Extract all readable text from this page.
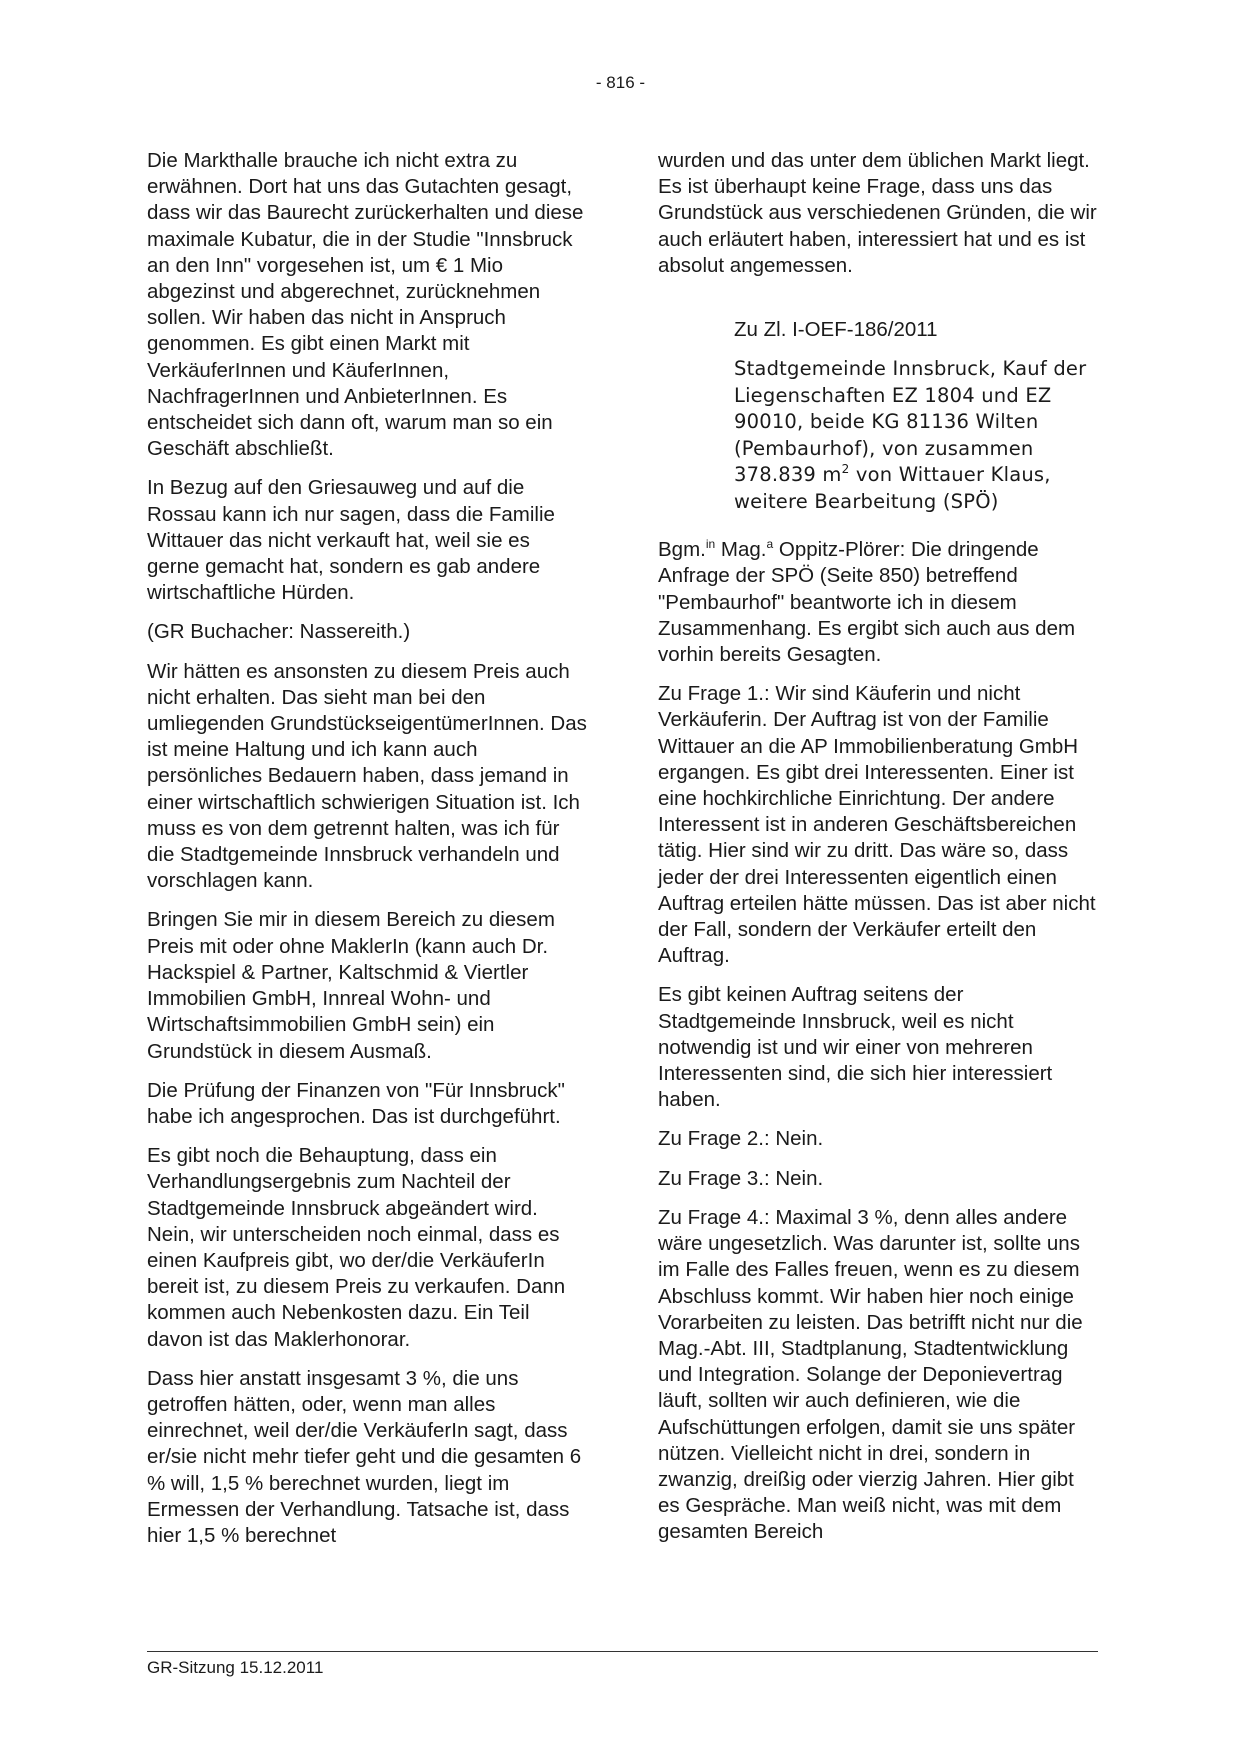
- 816 -

Die Markthalle brauche ich nicht extra zu erwähnen. Dort hat uns das Gutachten gesagt, dass wir das Baurecht zurückerhalten und diese maximale Kubatur, die in der Studie "Innsbruck an den Inn" vorgesehen ist, um € 1 Mio abgezinst und abgerechnet, zurücknehmen sollen. Wir haben das nicht in Anspruch genommen. Es gibt einen Markt mit VerkäuferInnen und KäuferInnen, NachfragerInnen und AnbieterInnen. Es entscheidet sich dann oft, warum man so ein Geschäft abschließt.

In Bezug auf den Griesauweg und auf die Rossau kann ich nur sagen, dass die Familie Wittauer das nicht verkauft hat, weil sie es gerne gemacht hat, sondern es gab andere wirtschaftliche Hürden.

(GR Buchacher: Nassereith.)

Wir hätten es ansonsten zu diesem Preis auch nicht erhalten. Das sieht man bei den umliegenden GrundstückseigentümerInnen. Das ist meine Haltung und ich kann auch persönliches Bedauern haben, dass jemand in einer wirtschaftlich schwierigen Situation ist. Ich muss es von dem getrennt halten, was ich für die Stadtgemeinde Innsbruck verhandeln und vorschlagen kann.

Bringen Sie mir in diesem Bereich zu diesem Preis mit oder ohne MaklerIn (kann auch Dr. Hackspiel & Partner, Kaltschmid & Viertler Immobilien GmbH, Innreal Wohn- und Wirtschaftsimmobilien GmbH sein) ein Grundstück in diesem Ausmaß.

Die Prüfung der Finanzen von "Für Innsbruck" habe ich angesprochen. Das ist durchgeführt.

Es gibt noch die Behauptung, dass ein Verhandlungsergebnis zum Nachteil der Stadtgemeinde Innsbruck abgeändert wird. Nein, wir unterscheiden noch einmal, dass es einen Kaufpreis gibt, wo der/die VerkäuferIn bereit ist, zu diesem Preis zu verkaufen. Dann kommen auch Nebenkosten dazu. Ein Teil davon ist das Maklerhonorar.

Dass hier anstatt insgesamt 3 %, die uns getroffen hätten, oder, wenn man alles einrechnet, weil der/die VerkäuferIn sagt, dass er/sie nicht mehr tiefer geht und die gesamten 6 % will, 1,5 % berechnet wurden, liegt im Ermessen der Verhandlung. Tatsache ist, dass hier 1,5 % berechnet

wurden und das unter dem üblichen Markt liegt. Es ist überhaupt keine Frage, dass uns das Grundstück aus verschiedenen Gründen, die wir auch erläutert haben, interessiert hat und es ist absolut angemessen.

Zu Zl. I-OEF-186/2011

Stadtgemeinde Innsbruck, Kauf der Liegenschaften EZ 1804 und EZ 90010, beide KG 81136 Wilten (Pembaurhof), von zusammen 378.839 $m^2$ von Wittauer Klaus, weitere Bearbeitung (SPÖ)

Bgm.$^{in}$ Mag.$^a$ Oppitz-Plörer: Die dringende Anfrage der SPÖ (Seite 850) betreffend "Pembaurhof" beantworte ich in diesem Zusammenhang. Es ergibt sich auch aus dem vorhin bereits Gesagten.

Zu Frage 1.: Wir sind Käuferin und nicht Verkäuferin. Der Auftrag ist von der Familie Wittauer an die AP Immobilienberatung GmbH ergangen. Es gibt drei Interessenten. Einer ist eine hochkirchliche Einrichtung. Der andere Interessent ist in anderen Geschäftsbereichen tätig. Hier sind wir zu dritt. Das wäre so, dass jeder der drei Interessenten eigentlich einen Auftrag erteilen hätte müssen. Das ist aber nicht der Fall, sondern der Verkäufer erteilt den Auftrag.

Es gibt keinen Auftrag seitens der Stadtgemeinde Innsbruck, weil es nicht notwendig ist und wir einer von mehreren Interessenten sind, die sich hier interessiert haben.

Zu Frage 2.: Nein.

Zu Frage 3.: Nein.

Zu Frage 4.: Maximal 3 %, denn alles andere wäre ungesetzlich. Was darunter ist, sollte uns im Falle des Falles freuen, wenn es zu diesem Abschluss kommt. Wir haben hier noch einige Vorarbeiten zu leisten. Das betrifft nicht nur die Mag.-Abt. III, Stadtplanung, Stadtentwicklung und Integration. Solange der Deponievertrag läuft, sollten wir auch definieren, wie die Aufschüttungen erfolgen, damit sie uns später nützen. Vielleicht nicht in drei, sondern in zwanzig, dreißig oder vierzig Jahren. Hier gibt es Gespräche. Man weiß nicht, was mit dem gesamten Bereich

GR-Sitzung 15.12.2011
